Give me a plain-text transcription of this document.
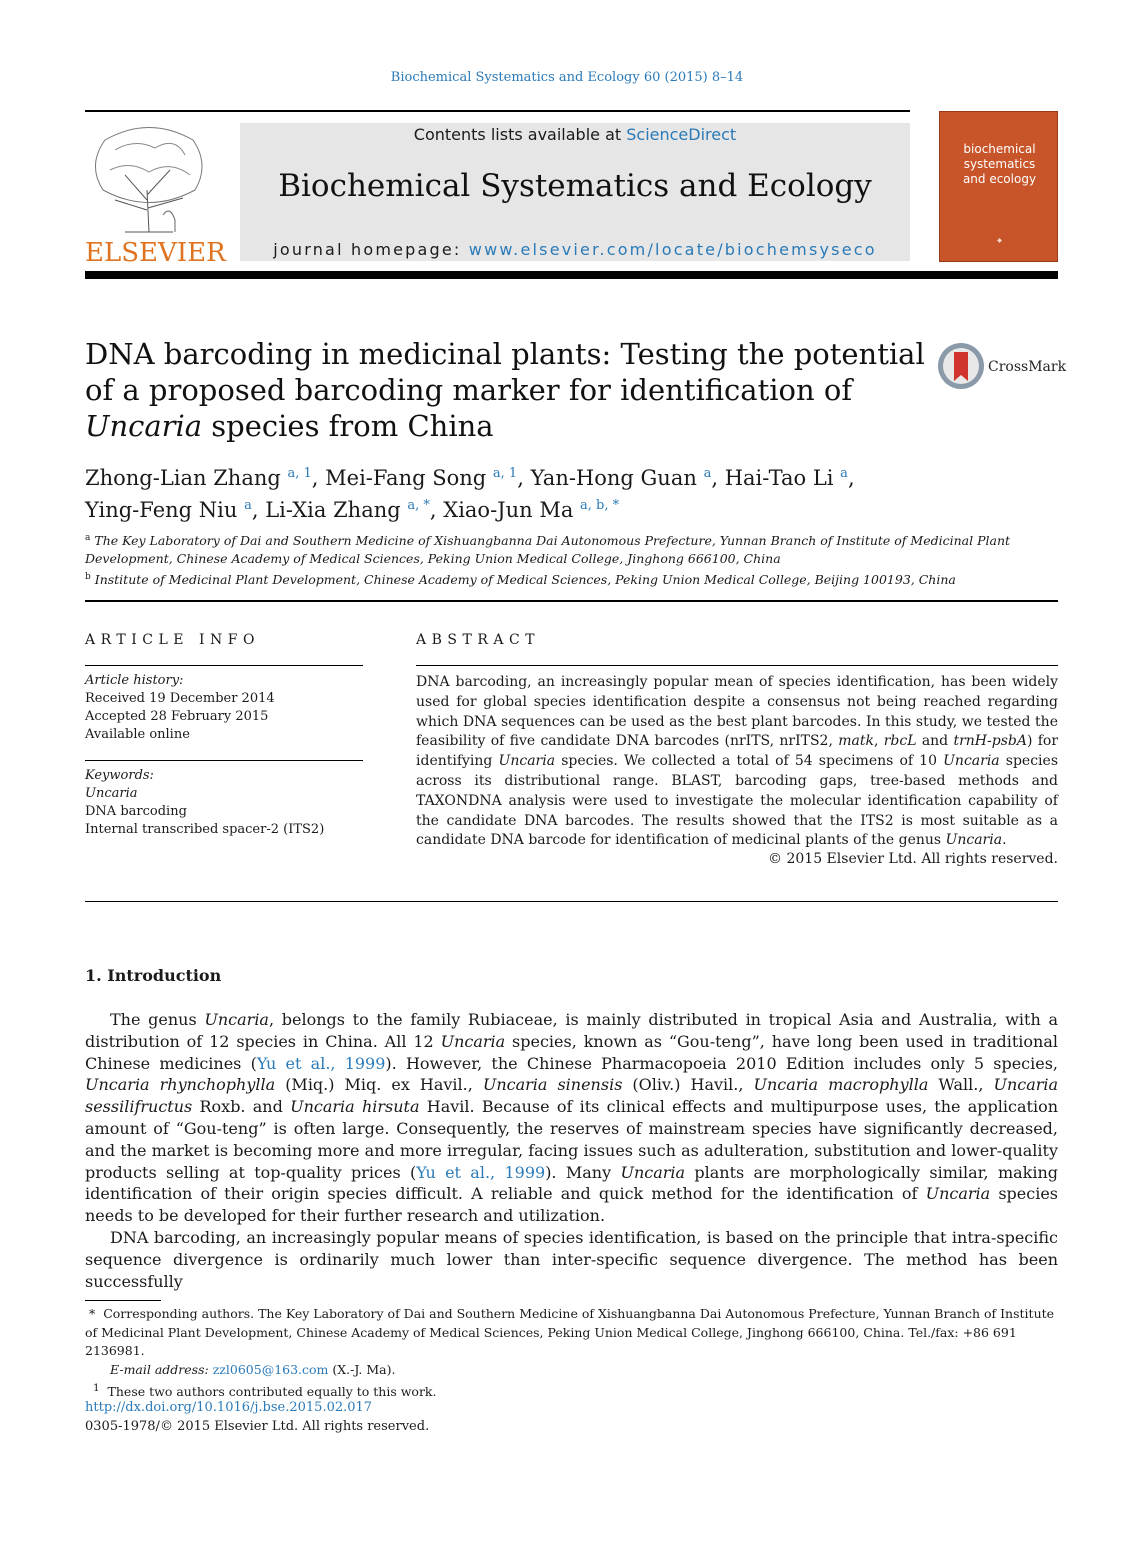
Biochemical Systematics and Ecology 60 (2015) 8–14
ELSEVIER
Contents lists available at ScienceDirect
Biochemical Systematics and Ecology
journal homepage: www.elsevier.com/locate/biochemsyseco
biochemical
systematics
and ecology
◆
DNA barcoding in medicinal plants: Testing the potential of a proposed barcoding marker for identification of Uncaria species from China
CrossMark
Zhong-Lian Zhang $^{a, 1}$, Mei-Fang Song $^{a, 1}$, Yan-Hong Guan $^a$, Hai-Tao Li $^a$,
Ying-Feng Niu $^a$, Li-Xia Zhang $^{a, *}$, Xiao-Jun Ma $^{a, b, *}$
$^a$ The Key Laboratory of Dai and Southern Medicine of Xishuangbanna Dai Autonomous Prefecture, Yunnan Branch of Institute of Medicinal Plant Development, Chinese Academy of Medical Sciences, Peking Union Medical College, Jinghong 666100, China
$^b$ Institute of Medicinal Plant Development, Chinese Academy of Medical Sciences, Peking Union Medical College, Beijing 100193, China
ARTICLE INFO
Article history:
Received 19 December 2014
Accepted 28 February 2015
Available online
Keywords:
Uncaria
DNA barcoding
Internal transcribed spacer-2 (ITS2)
ABSTRACT
DNA barcoding, an increasingly popular mean of species identification, has been widely used for global species identification despite a consensus not being reached regarding which DNA sequences can be used as the best plant barcodes. In this study, we tested the feasibility of five candidate DNA barcodes (nrITS, nrITS2, matk, rbcL and trnH-psbA) for identifying Uncaria species. We collected a total of 54 specimens of 10 Uncaria species across its distributional range. BLAST, barcoding gaps, tree-based methods and TAXONDNA analysis were used to investigate the molecular identification capability of the candidate DNA barcodes. The results showed that the ITS2 is most suitable as a candidate DNA barcode for identification of medicinal plants of the genus Uncaria.
© 2015 Elsevier Ltd. All rights reserved.
1. Introduction

The genus Uncaria, belongs to the family Rubiaceae, is mainly distributed in tropical Asia and Australia, with a distribution of 12 species in China. All 12 Uncaria species, known as “Gou-teng”, have long been used in traditional Chinese medicines (Yu et al., 1999). However, the Chinese Pharmacopoeia 2010 Edition includes only 5 species, Uncaria rhynchophylla (Miq.) Miq. ex Havil., Uncaria sinensis (Oliv.) Havil., Uncaria macrophylla Wall., Uncaria sessilifructus Roxb. and Uncaria hirsuta Havil. Because of its clinical effects and multipurpose uses, the application amount of “Gou-teng” is often large. Consequently, the reserves of mainstream species have significantly decreased, and the market is becoming more and more irregular, facing issues such as adulteration, substitution and lower-quality products selling at top-quality prices (Yu et al., 1999). Many Uncaria plants are morphologically similar, making identification of their origin species difficult. A reliable and quick method for the identification of Uncaria species needs to be developed for their further research and utilization.

DNA barcoding, an increasingly popular means of species identification, is based on the principle that intra-specific sequence divergence is ordinarily much lower than inter-specific sequence divergence. The method has been successfully

* Corresponding authors. The Key Laboratory of Dai and Southern Medicine of Xishuangbanna Dai Autonomous Prefecture, Yunnan Branch of Institute of Medicinal Plant Development, Chinese Academy of Medical Sciences, Peking Union Medical College, Jinghong 666100, China. Tel./fax: +86 691 2136981.

E-mail address: zzl0605@163.com (X.-J. Ma).

$^1$ These two authors contributed equally to this work.

http://dx.doi.org/10.1016/j.bse.2015.02.017
0305-1978/© 2015 Elsevier Ltd. All rights reserved.
